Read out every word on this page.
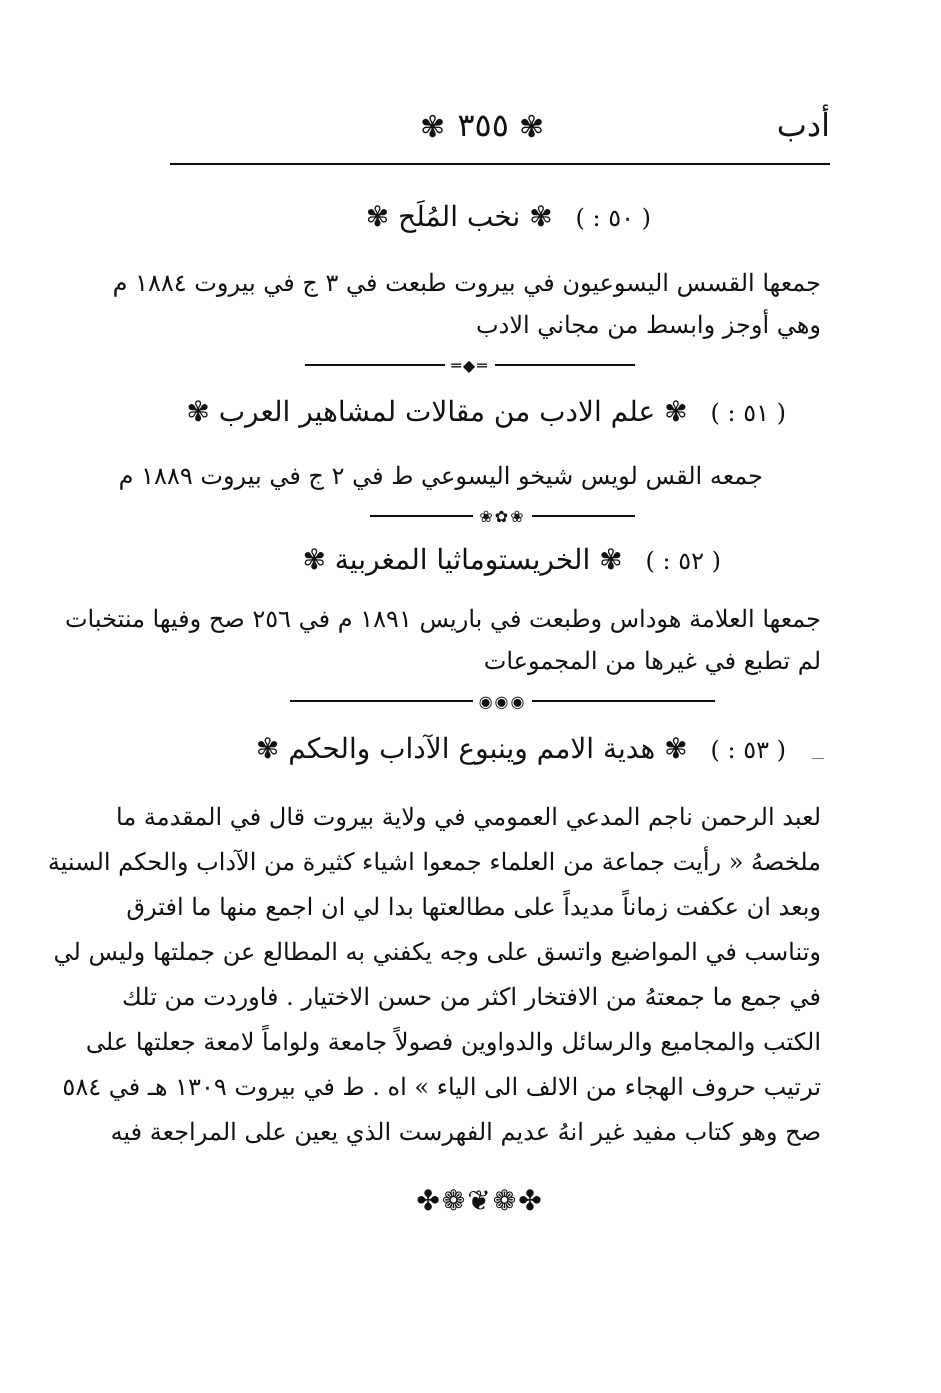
✾ ٣٥٥ ✾	أدب
( ٥٠ : ) ✾ نخب المُلَح ✾
جمعها القسس اليسوعيون في بيروت طبعت في ٣ ج في بيروت ١٨٨٤ م
وهي أوجز وابسط من مجاني الادب
═◆═
( ٥١ : ) ✾ علم الادب من مقالات لمشاهير العرب ✾
جمعه القس لويس شيخو اليسوعي ط في ٢ ج في بيروت ١٨٨٩ م
❀✿❀
( ٥٢ : ) ✾ الخريستوماثيا المغربية ✾
جمعها العلامة هوداس وطبعت في باريس ١٨٩١ م في ٢٥٦ صح وفيها منتخبات
لم تطبع في غيرها من المجموعات
◉◉◉
( ٥٣ : ) ✾ هدية الامم وينبوع الآداب والحكم ✾
لعبد الرحمن ناجم المدعي العمومي في ولاية بيروت قال في المقدمة ما
ملخصهُ « رأيت جماعة من العلماء جمعوا اشياء كثيرة من الآداب والحكم السنية
وبعد ان عكفت زماناً مديداً على مطالعتها بدا لي ان اجمع منها ما افترق
وتناسب في المواضيع واتسق على وجه يكفني به المطالع عن جملتها وليس لي
في جمع ما جمعتهُ من الافتخار اكثر من حسن الاختيار . فاوردت من تلك
الكتب والمجاميع والرسائل والدواوين فصولاً جامعة ولواماً لامعة جعلتها على
ترتيب حروف الهجاء من الالف الى الياء » اه . ط في بيروت ١٣٠٩ هـ في ٥٨٤
صح وهو كتاب مفيد غير انهُ عديم الفهرست الذي يعين على المراجعة فيه
✤❁❦❁✤
